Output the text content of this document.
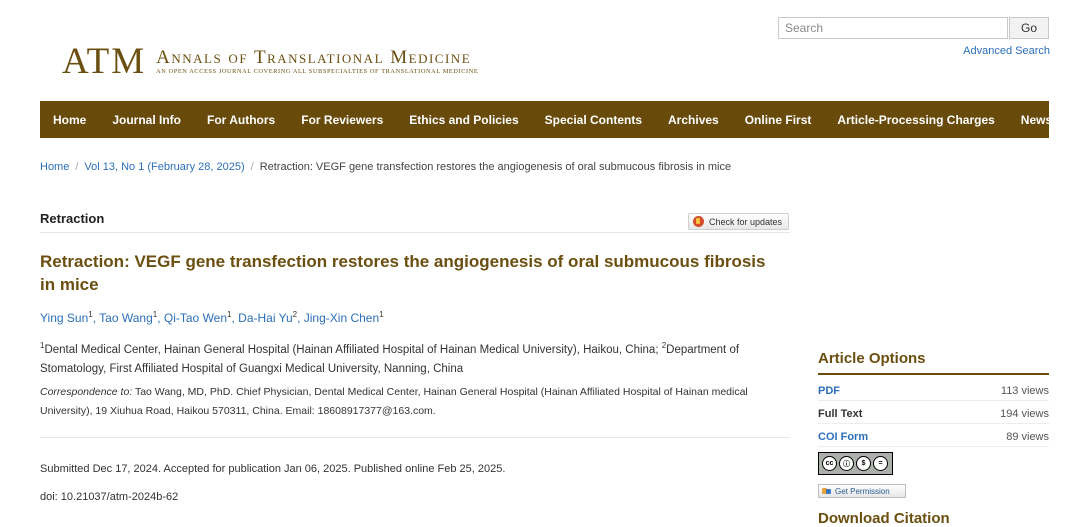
ATM Annals of Translational Medicine
AN OPEN ACCESS JOURNAL COVERING ALL SUBSPECIALTIES OF TRANSLATIONAL MEDICINE
Search
Go
Advanced Search
Home Journal Info For Authors For Reviewers Ethics and Policies Special Contents Archives Online First Article-Processing Charges News
Home / Vol 13, No 1 (February 28, 2025) / Retraction: VEGF gene transfection restores the angiogenesis of oral submucous fibrosis in mice
Retraction	Check for updates
Retraction: VEGF gene transfection restores the angiogenesis of oral submucous fibrosis in mice
Ying Sun$^1$, Tao Wang$^1$, Qi-Tao Wen$^1$, Da-Hai Yu$^2$, Jing-Xin Chen$^1$
$^1$Dental Medical Center, Hainan General Hospital (Hainan Affiliated Hospital of Hainan Medical University), Haikou, China; $^2$Department of Stomatology, First Affiliated Hospital of Guangxi Medical University, Nanning, China
Correspondence to: Tao Wang, MD, PhD. Chief Physician, Dental Medical Center, Hainan General Hospital (Hainan Affiliated Hospital of Hainan medical University), 19 Xiuhua Road, Haikou 570311, China. Email: 18608917377@163.com.
Submitted Dec 17, 2024. Accepted for publication Jan 06, 2025. Published online Feb 25, 2025.
doi: 10.21037/atm-2024b-62
Article Options
PDF	113 views
Full Text	194 views
COI Form	89 views
cc	ⓘ	$	=
Get Permission
Download Citation
